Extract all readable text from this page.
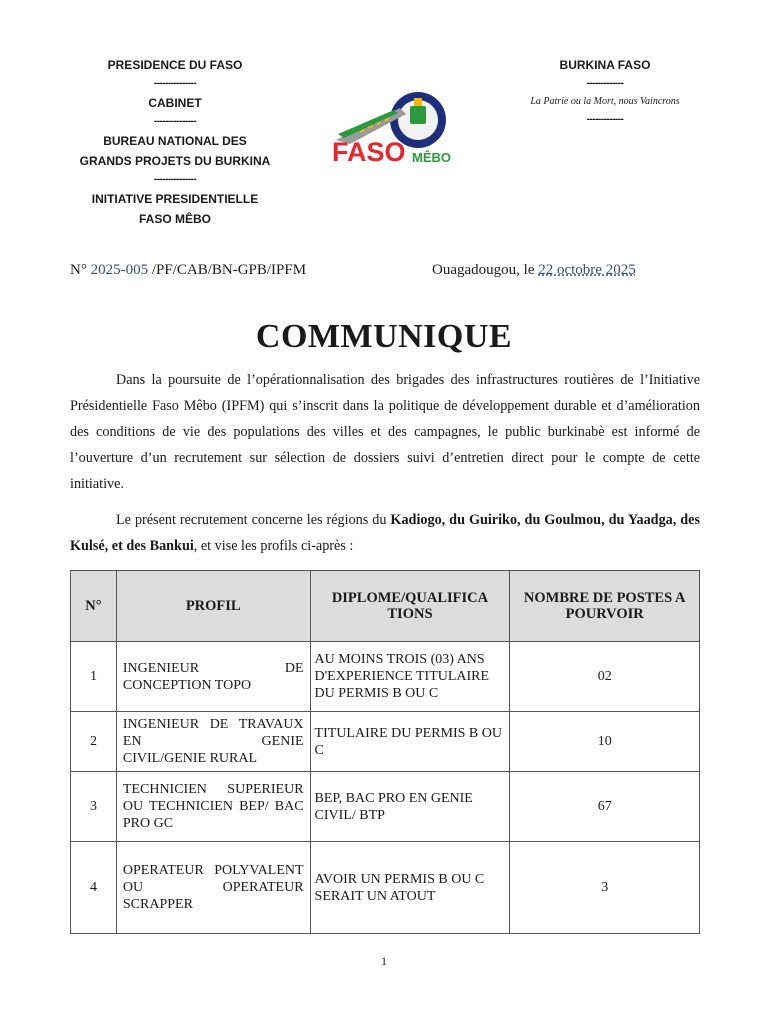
PRESIDENCE DU FASO
---------------
CABINET
---------------
BUREAU NATIONAL DES
GRANDS PROJETS DU BURKINA
---------------
INITIATIVE PRESIDENTIELLE
FASO MÊBO
FASO MÊBO
BURKINA FASO
-------------
La Patrie ou la Mort, nous Vaincrons
-------------
N° 2025-005 /PF/CAB/BN-GPB/IPFM	Ouagadougou, le 22 octobre 2025
COMMUNIQUE
Dans la poursuite de l’opérationnalisation des brigades des infrastructures routières de l’Initiative Présidentielle Faso Mêbo (IPFM) qui s’inscrit dans la politique de développement durable et d’amélioration des conditions de vie des populations des villes et des campagnes, le public burkinabè est informé de l’ouverture d’un recrutement sur sélection de dossiers suivi d’entretien direct pour le compte de cette initiative.
Le présent recrutement concerne les régions du Kadiogo, du Guiriko, du Goulmou, du Yaadga, des Kulsé, et des Bankui, et vise les profils ci-après :
N°	PROFIL	DIPLOME/QUALIFICA TIONS	NOMBRE DE POSTES A POURVOIR
1	INGENIEUR DE
CONCEPTION TOPO	AU MOINS TROIS (03) ANS D'EXPERIENCE TITULAIRE DU PERMIS B OU C	02
2	INGENIEUR DE TRAVAUX EN GENIE
CIVIL/GENIE RURAL	TITULAIRE DU PERMIS B OU C	10
3	TECHNICIEN SUPERIEUR OU TECHNICIEN BEP/ BAC
PRO GC	BEP, BAC PRO EN GENIE CIVIL/ BTP	67
4	OPERATEUR POLYVALENT OU OPERATEUR
SCRAPPER	AVOIR UN PERMIS B OU C SERAIT UN ATOUT	3
1
